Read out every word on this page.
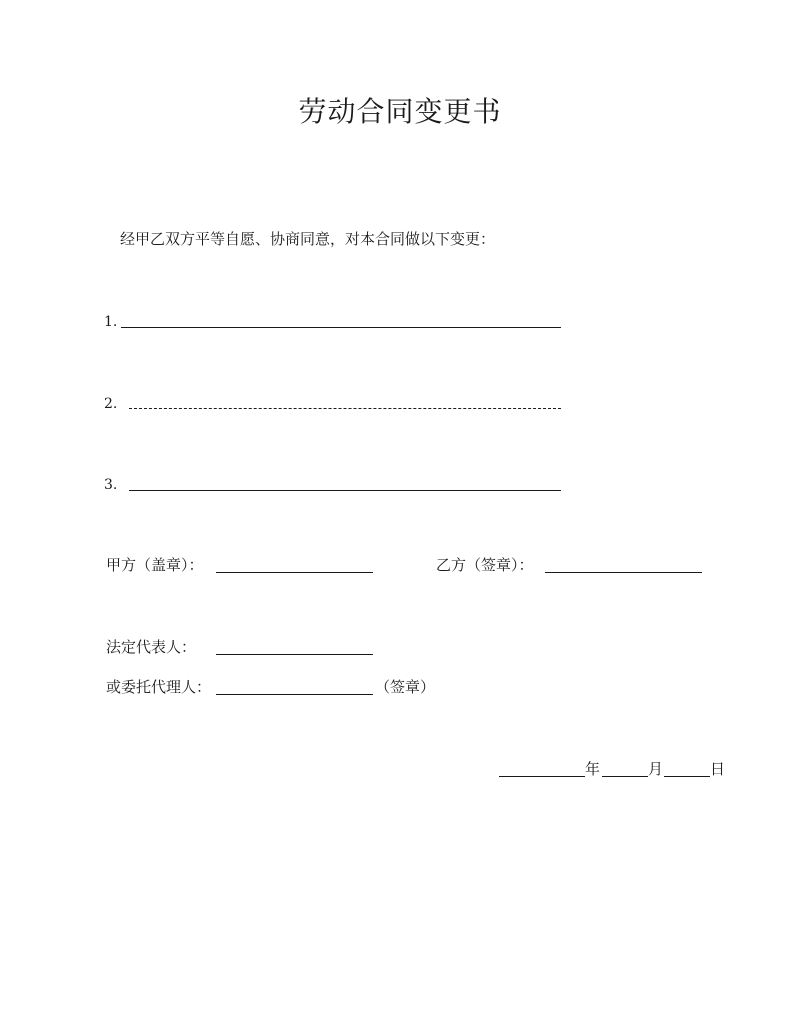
劳动合同变更书
经甲乙双方平等自愿、协商同意，对本合同做以下变更：
1.
2.
3.
甲方（盖章）：	乙方（签章）：
法定代表人：
或委托代理人：	（签章）
年	月	日
